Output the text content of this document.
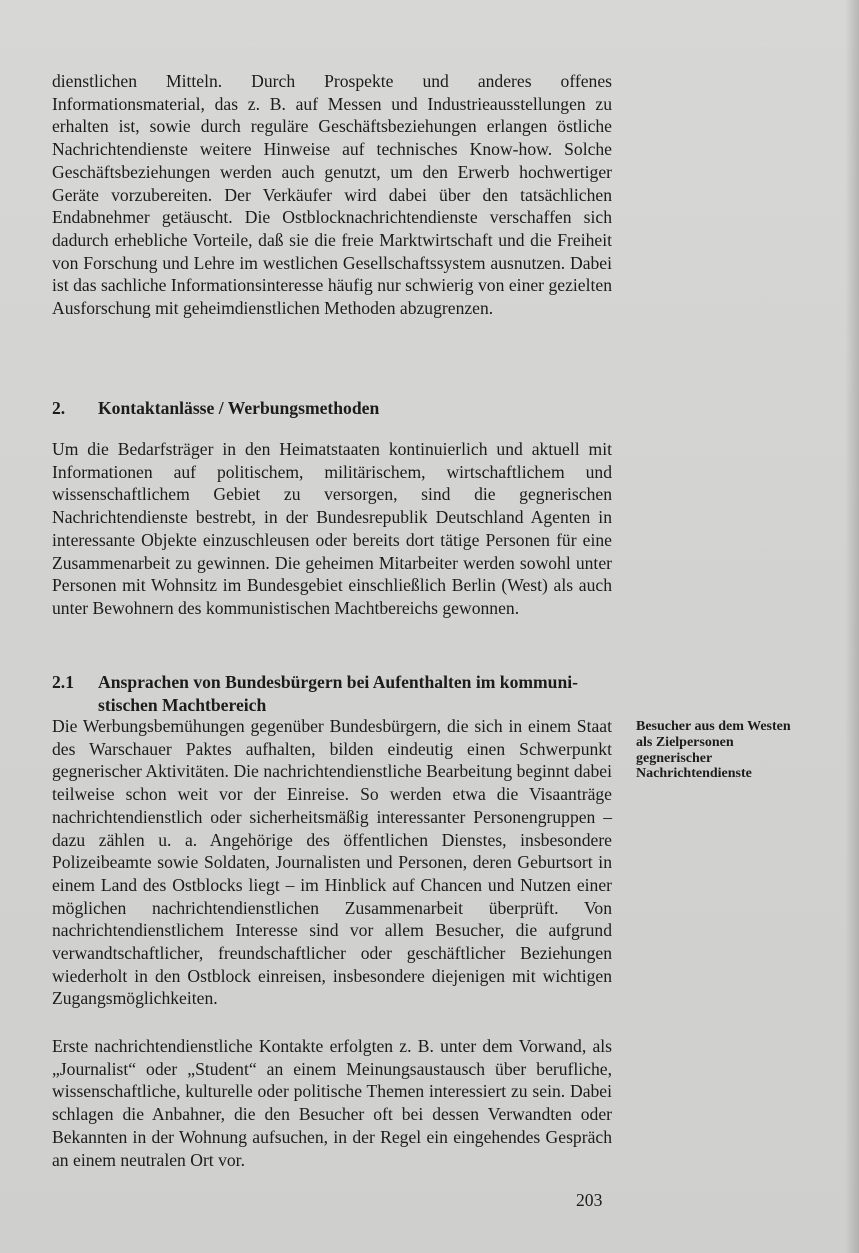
dienstlichen Mitteln. Durch Prospekte und anderes offenes Informationsmaterial, das z. B. auf Messen und Industrieausstellungen zu erhalten ist, sowie durch reguläre Geschäftsbeziehungen erlangen östliche Nachrichtendienste weitere Hinweise auf technisches Know-how. Solche Geschäftsbeziehungen werden auch genutzt, um den Erwerb hochwertiger Geräte vorzubereiten. Der Verkäufer wird dabei über den tatsächlichen Endabnehmer getäuscht. Die Ostblocknachrichtendienste verschaffen sich dadurch erhebliche Vorteile, daß sie die freie Marktwirtschaft und die Freiheit von Forschung und Lehre im westlichen Gesellschaftssystem ausnutzen. Dabei ist das sachliche Informationsinteresse häufig nur schwierig von einer gezielten Ausforschung mit geheimdienstlichen Methoden abzugrenzen.

2. Kontaktanlässe / Werbungsmethoden

Um die Bedarfsträger in den Heimatstaaten kontinuierlich und aktuell mit Informationen auf politischem, militärischem, wirtschaftlichem und wissenschaftlichem Gebiet zu versorgen, sind die gegnerischen Nachrichtendienste bestrebt, in der Bundesrepublik Deutschland Agenten in interessante Objekte einzuschleusen oder bereits dort tätige Personen für eine Zusammenarbeit zu gewinnen. Die geheimen Mitarbeiter werden sowohl unter Personen mit Wohnsitz im Bundesgebiet einschließlich Berlin (West) als auch unter Bewohnern des kommunistischen Machtbereichs gewonnen.

2.1 Ansprachen von Bundesbürgern bei Aufenthalten im kommuni-
stischen Machtbereich

Die Werbungsbemühungen gegenüber Bundesbürgern, die sich in einem Staat des Warschauer Paktes aufhalten, bilden eindeutig einen Schwerpunkt gegnerischer Aktivitäten. Die nachrichtendienstliche Bearbeitung beginnt dabei teilweise schon weit vor der Einreise. So werden etwa die Visaanträge nachrichtendienstlich oder sicherheitsmäßig interessanter Personengruppen – dazu zählen u. a. Angehörige des öffentlichen Dienstes, insbesondere Polizeibeamte sowie Soldaten, Journalisten und Personen, deren Geburtsort in einem Land des Ostblocks liegt – im Hinblick auf Chancen und Nutzen einer möglichen nachrichtendienstlichen Zusammenarbeit überprüft. Von nachrichtendienstlichem Interesse sind vor allem Besucher, die aufgrund verwandtschaftlicher, freundschaftlicher oder geschäftlicher Beziehungen wiederholt in den Ostblock einreisen, insbesondere diejenigen mit wichtigen Zugangsmöglichkeiten.

Erste nachrichtendienstliche Kontakte erfolgten z. B. unter dem Vorwand, als „Journalist“ oder „Student“ an einem Meinungsaustausch über berufliche, wissenschaftliche, kulturelle oder politische Themen interessiert zu sein. Dabei schlagen die Anbahner, die den Besucher oft bei dessen Verwandten oder Bekannten in der Wohnung aufsuchen, in der Regel ein eingehendes Gespräch an einem neutralen Ort vor.

Besucher aus dem Westen als Zielpersonen gegnerischer Nachrichtendienste
203
